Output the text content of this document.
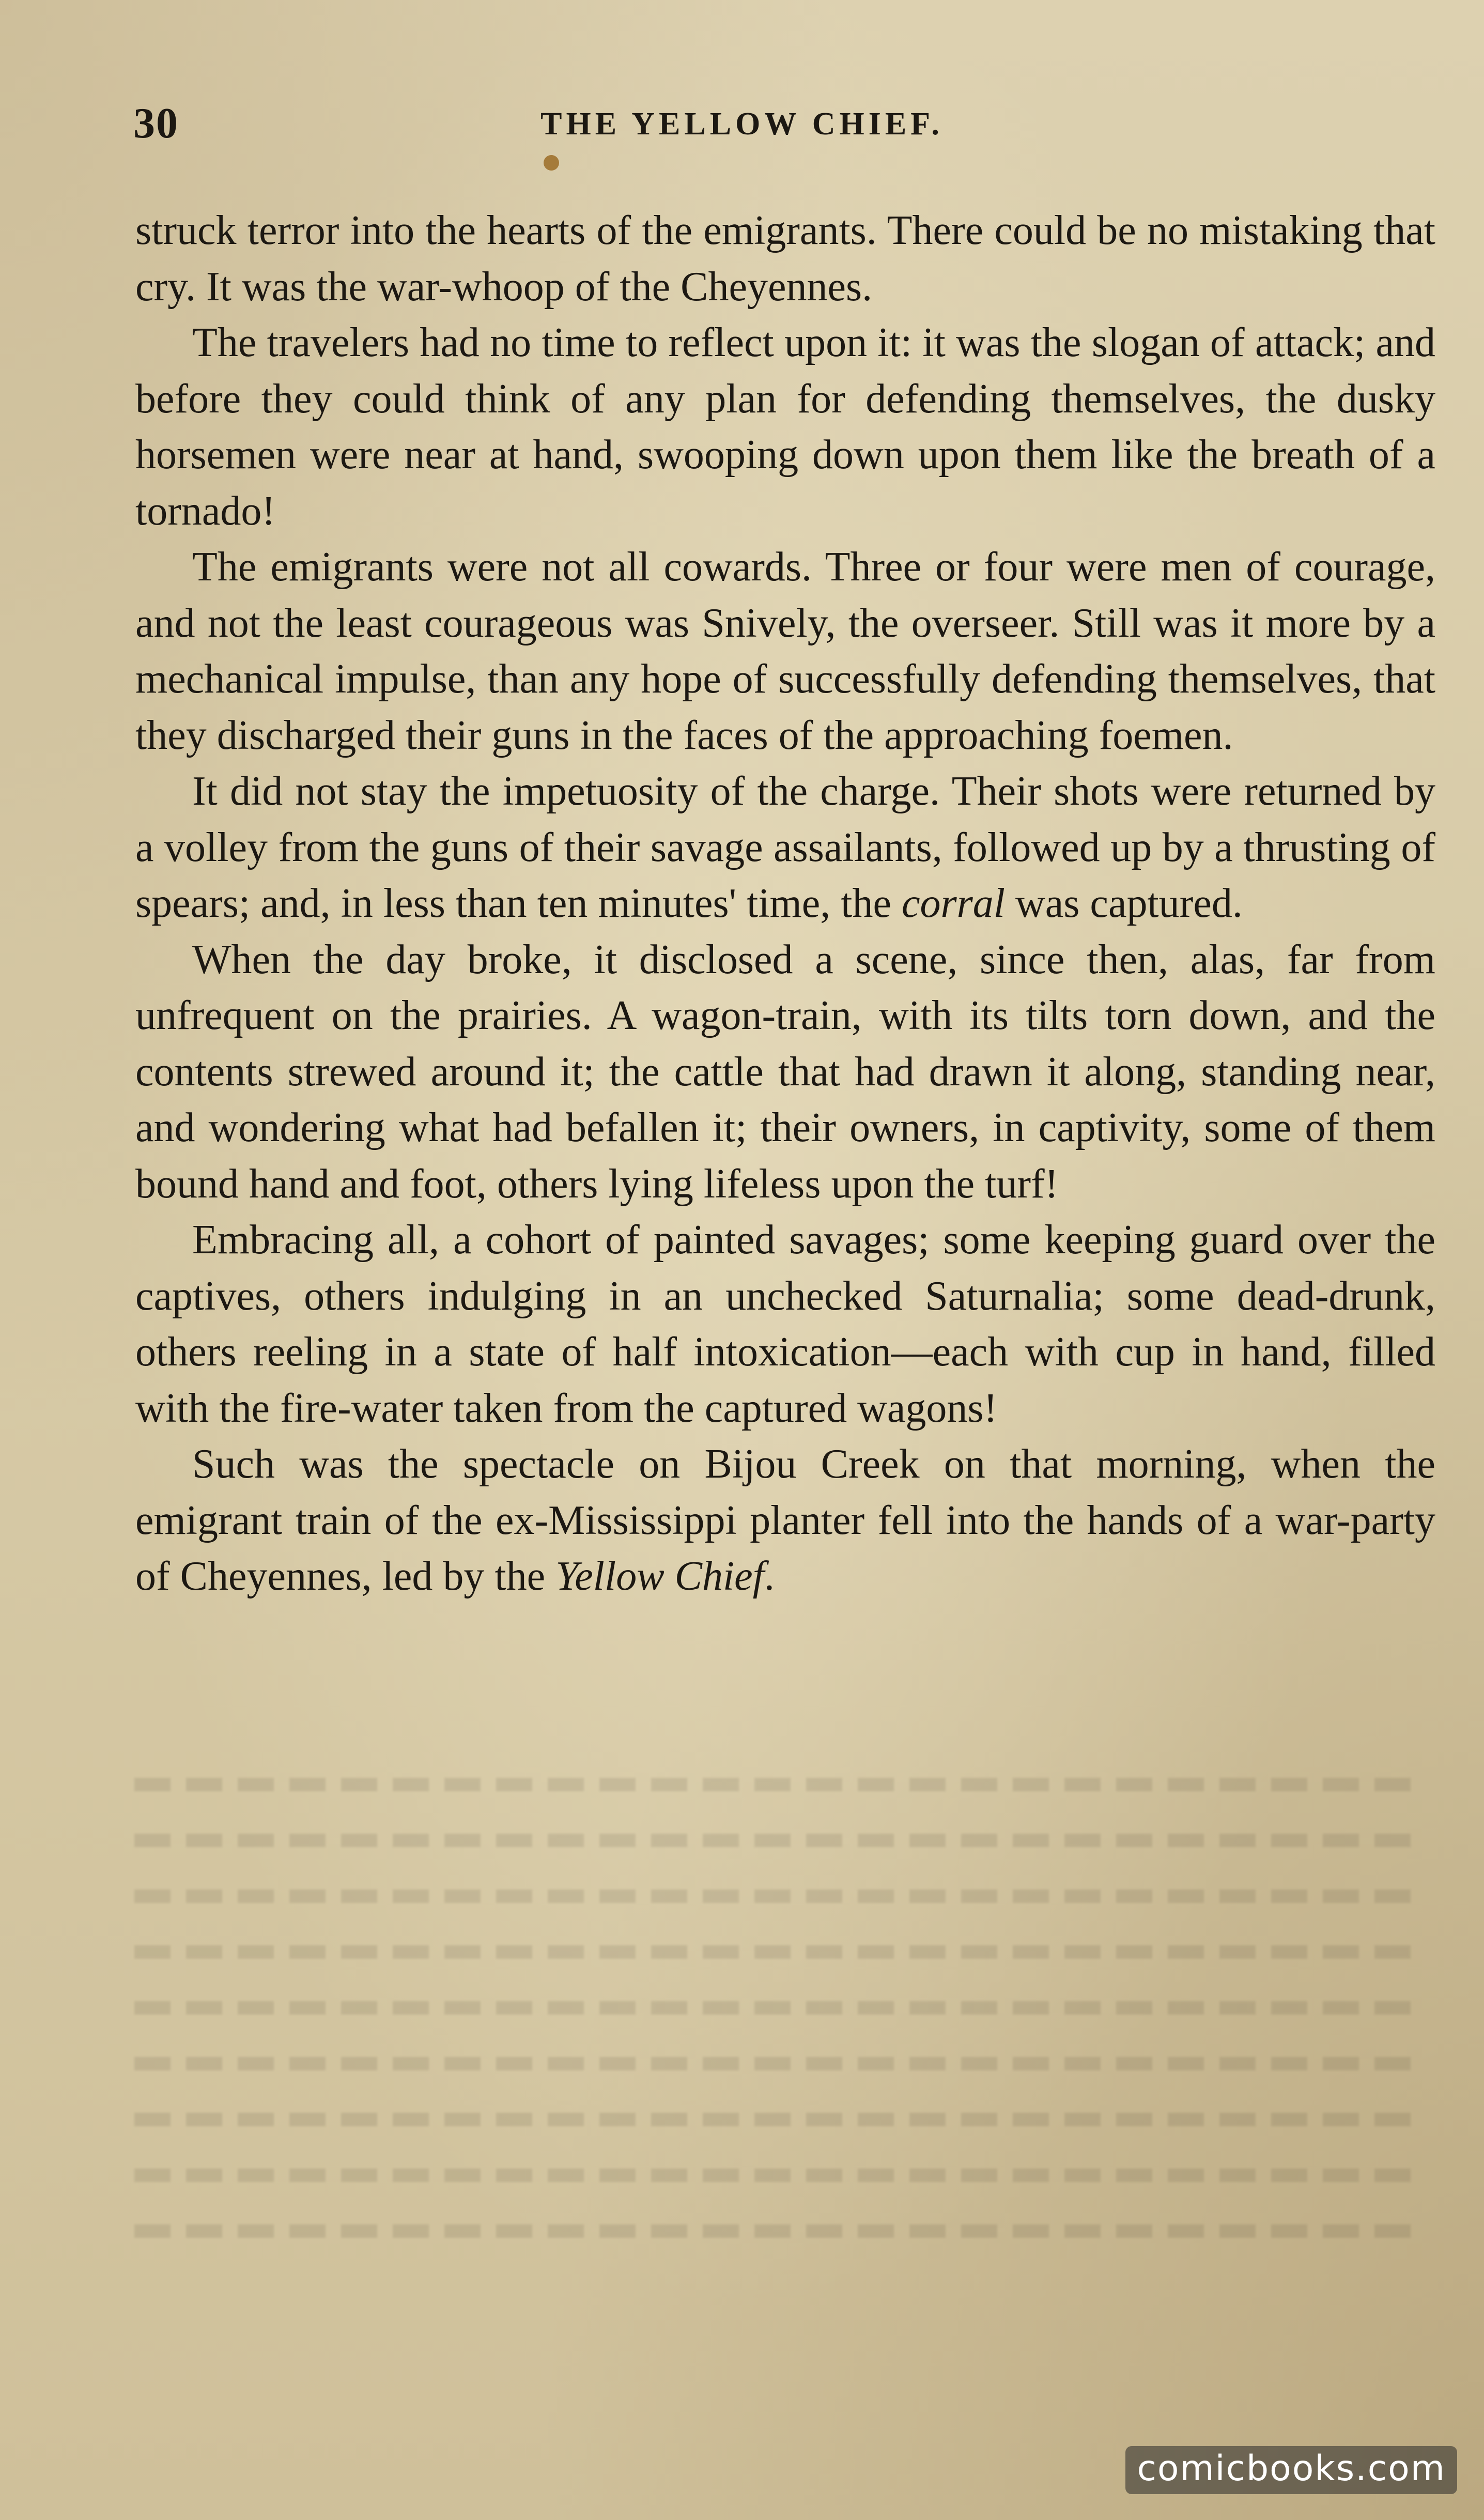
30	THE YELLOW CHIEF.

struck terror into the hearts of the emigrants. There could be no mistaking that cry. It was the war-whoop of the Cheyennes.

The travelers had no time to reflect upon it: it was the slogan of attack; and before they could think of any plan for defending themselves, the dusky horsemen were near at hand, swooping down upon them like the breath of a tornado!

The emigrants were not all cowards. Three or four were men of courage, and not the least courageous was Snively, the overseer. Still was it more by a mechanical impulse, than any hope of successfully defending themselves, that they discharged their guns in the faces of the approaching foemen.

It did not stay the impetuosity of the charge. Their shots were returned by a volley from the guns of their savage assailants, followed up by a thrusting of spears; and, in less than ten minutes' time, the corral was captured.

When the day broke, it disclosed a scene, since then, alas, far from unfrequent on the prairies. A wagon-train, with its tilts torn down, and the contents strewed around it; the cattle that had drawn it along, standing near, and wondering what had befallen it; their owners, in captivity, some of them bound hand and foot, others lying lifeless upon the turf!

Embracing all, a cohort of painted savages; some keeping guard over the captives, others indulging in an unchecked Saturnalia; some dead-drunk, others reeling in a state of half intoxication—each with cup in hand, filled with the fire-water taken from the captured wagons!

Such was the spectacle on Bijou Creek on that morning, when the emigrant train of the ex-Mississippi planter fell into the hands of a war-party of Cheyennes, led by the Yellow Chief.

comicbooks.com
